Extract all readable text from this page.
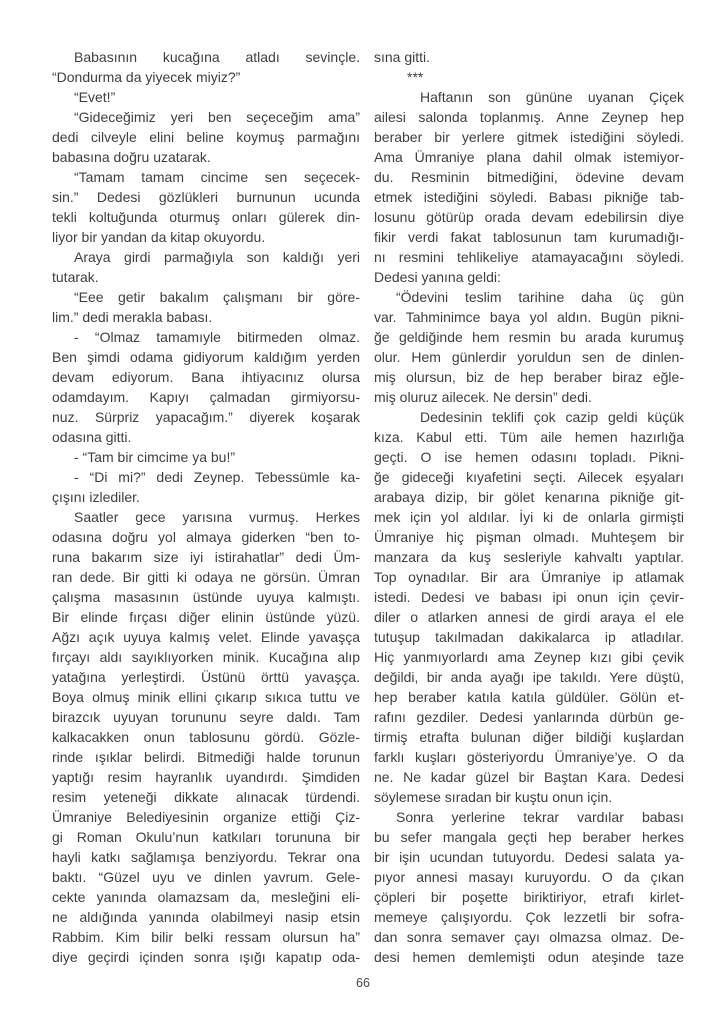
Babasının kucağına atladı sevinçle.
“Dondurma da yiyecek miyiz?”
“Evet!”
“Gideceğimiz yeri ben seçeceğim ama”
dedi cilveyle elini beline koymuş parmağını
babasına doğru uzatarak.
“Tamam tamam cincime sen seçecek-
sin.” Dedesi gözlükleri burnunun ucunda
tekli koltuğunda oturmuş onları gülerek din-
liyor bir yandan da kitap okuyordu.
Araya girdi parmağıyla son kaldığı yeri
tutarak.
“Eee getir bakalım çalışmanı bir göre-
lim.” dedi merakla babası.
- “Olmaz tamamıyle bitirmeden olmaz.
Ben şimdi odama gidiyorum kaldığım yerden
devam ediyorum. Bana ihtiyacınız olursa
odamdayım. Kapıyı çalmadan girmiyorsu-
nuz. Sürpriz yapacağım.” diyerek koşarak
odasına gitti.
- “Tam bir cimcime ya bu!”
- “Di mi?” dedi Zeynep. Tebessümle ka-
çışını izlediler.
Saatler gece yarısına vurmuş. Herkes
odasına doğru yol almaya giderken “ben to-
runa bakarım size iyi istirahatlar” dedi Üm-
ran dede. Bir gitti ki odaya ne görsün. Ümran
çalışma masasının üstünde uyuya kalmıştı.
Bir elinde fırçası diğer elinin üstünde yüzü.
Ağzı açık uyuya kalmış velet. Elinde yavaşça
fırçayı aldı sayıklıyorken minik. Kucağına alıp
yatağına yerleştirdi. Üstünü örttü yavaşça.
Boya olmuş minik ellini çıkarıp sıkıca tuttu ve
birazcık uyuyan torununu seyre daldı. Tam
kalkacakken onun tablosunu gördü. Gözle-
rinde ışıklar belirdi. Bitmediği halde torunun
yaptığı resim hayranlık uyandırdı. Şimdiden
resim yeteneği dikkate alınacak türdendi.
Ümraniye Belediyesinin organize ettiği Çiz-
gi Roman Okulu’nun katkıları torununa bir
hayli katkı sağlamışa benziyordu. Tekrar ona
baktı. “Güzel uyu ve dinlen yavrum. Gele-
cekte yanında olamazsam da, mesleğini eli-
ne aldığında yanında olabilmeyi nasip etsin
Rabbim. Kim bilir belki ressam olursun ha”
diye geçirdi içinden sonra ışığı kapatıp oda-
sına gitti.
***
Haftanın son gününe uyanan Çiçek
ailesi salonda toplanmış. Anne Zeynep hep
beraber bir yerlere gitmek istediğini söyledi.
Ama Ümraniye plana dahil olmak istemiyor-
du. Resminin bitmediğini, ödevine devam
etmek istediğini söyledi. Babası pikniğe tab-
losunu götürüp orada devam edebilirsin diye
fikir verdi fakat tablosunun tam kurumadığı-
nı resmini tehlikeliye atamayacağını söyledi.
Dedesi yanına geldi:
“Ödevini teslim tarihine daha üç gün
var. Tahminimce baya yol aldın. Bugün pikni-
ğe geldiğinde hem resmin bu arada kurumuş
olur. Hem günlerdir yoruldun sen de dinlen-
miş olursun, biz de hep beraber biraz eğle-
miş oluruz ailecek. Ne dersin” dedi.
Dedesinin teklifi çok cazip geldi küçük
kıza. Kabul etti. Tüm aile hemen hazırlığa
geçti. O ise hemen odasını topladı. Pikni-
ğe gideceği kıyafetini seçti. Ailecek eşyaları
arabaya dizip, bir gölet kenarına pikniğe git-
mek için yol aldılar. İyi ki de onlarla girmişti
Ümraniye hiç pişman olmadı. Muhteşem bir
manzara da kuş sesleriyle kahvaltı yaptılar.
Top oynadılar. Bir ara Ümraniye ip atlamak
istedi. Dedesi ve babası ipi onun için çevir-
diler o atlarken annesi de girdi araya el ele
tutuşup takılmadan dakikalarca ip atladılar.
Hiç yanmıyorlardı ama Zeynep kızı gibi çevik
değildi, bir anda ayağı ipe takıldı. Yere düştü,
hep beraber katıla katıla güldüler. Gölün et-
rafını gezdiler. Dedesi yanlarında dürbün ge-
tirmiş etrafta bulunan diğer bildiği kuşlardan
farklı kuşları gösteriyordu Ümraniye’ye. O da
ne. Ne kadar güzel bir Baştan Kara. Dedesi
söylemese sıradan bir kuştu onun için.
Sonra yerlerine tekrar vardılar babası
bu sefer mangala geçti hep beraber herkes
bir işin ucundan tutuyordu. Dedesi salata ya-
pıyor annesi masayı kuruyordu. O da çıkan
çöpleri bir poşette biriktiriyor, etrafı kirlet-
memeye çalışıyordu. Çok lezzetli bir sofra-
dan sonra semaver çayı olmazsa olmaz. De-
desi hemen demlemişti odun ateşinde taze
66
